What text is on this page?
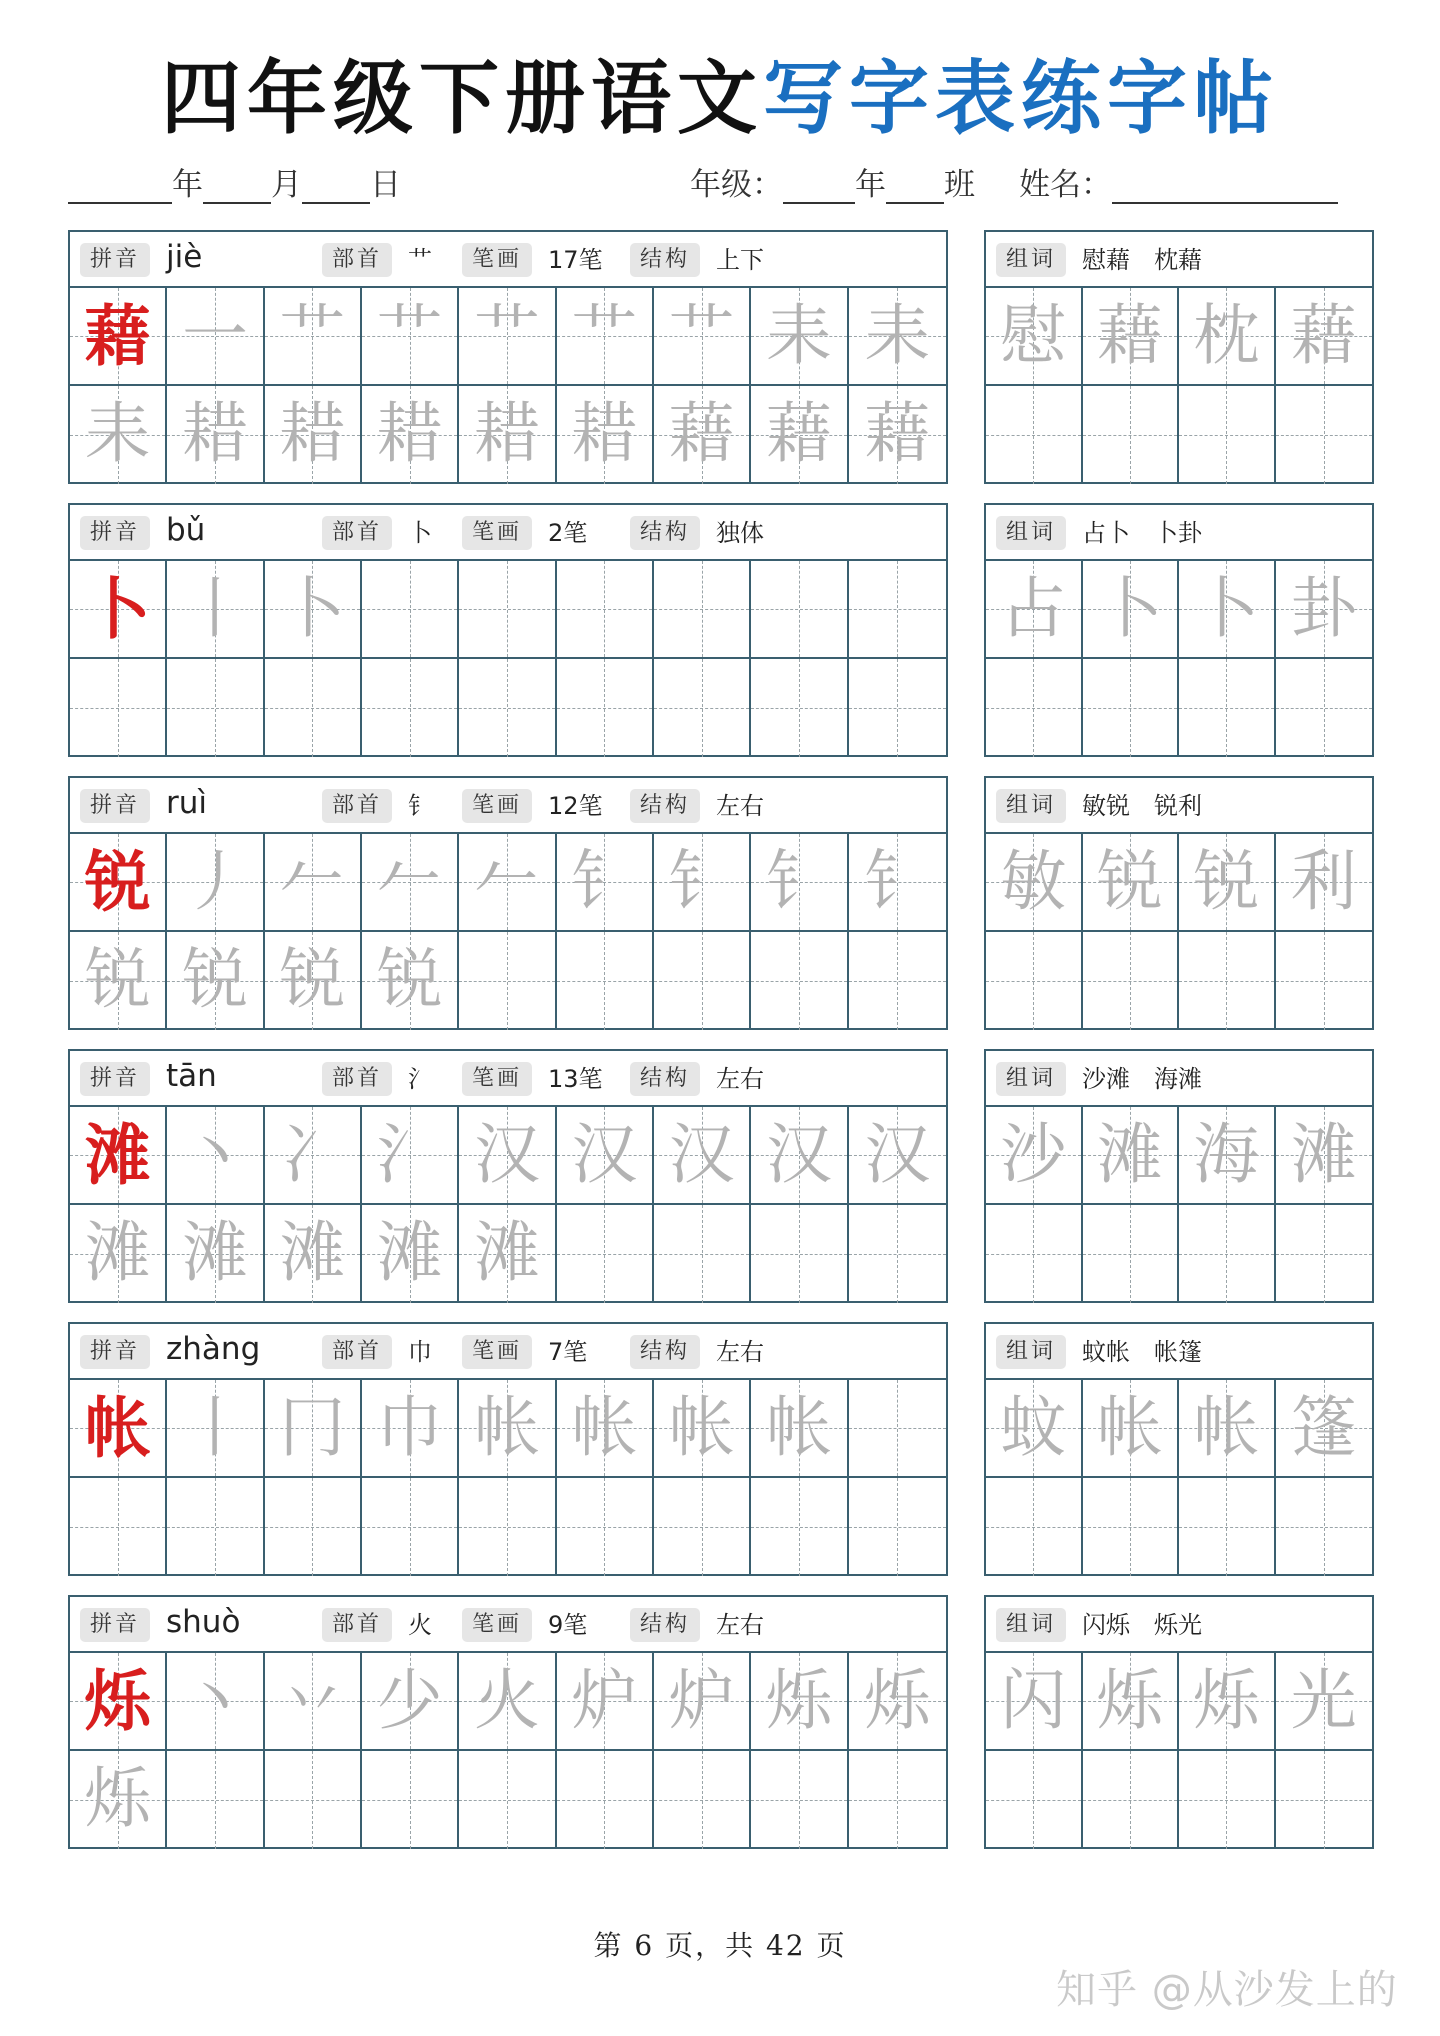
四年级下册语文写字表练字帖
年 月 日	年级： 年 班 姓名：
拼音 jiè	部首	艹	笔画	17笔	结构	上下
藉 一 艹 艹 艹 艹 艹 耒 耒
耒 耤 耤 耤 耤 耤 藉 藉 藉
组词	慰藉　枕藉
慰 藉 枕 藉
拼音 bǔ	部首	卜	笔画	2笔	结构	独体
卜 丨 卜
组词	占卜　卜卦
占 卜 卜 卦
拼音 ruì	部首	钅	笔画	12笔	结构	左右
锐 丿 𠂉 𠂉 𠂉 钅 钅 钅 钅
锐 锐 锐 锐
组词	敏锐　锐利
敏 锐 锐 利
拼音 tān	部首	氵	笔画	13笔	结构	左右
滩 丶 冫 氵 汉 汉 汉 汉 汉
滩 滩 滩 滩 滩
组词	沙滩　海滩
沙 滩 海 滩
拼音 zhàng	部首	巾	笔画	7笔	结构	左右
帐 丨 冂 巾 帐 帐 帐 帐
组词	蚊帐　帐篷
蚊 帐 帐 篷
拼音 shuò	部首	火	笔画	9笔	结构	左右
烁 丶 丷 少 火 炉 炉 烁 烁
烁
组词	闪烁　烁光
闪 烁 烁 光
第 6 页，共 42 页
知乎 @从沙发上的
